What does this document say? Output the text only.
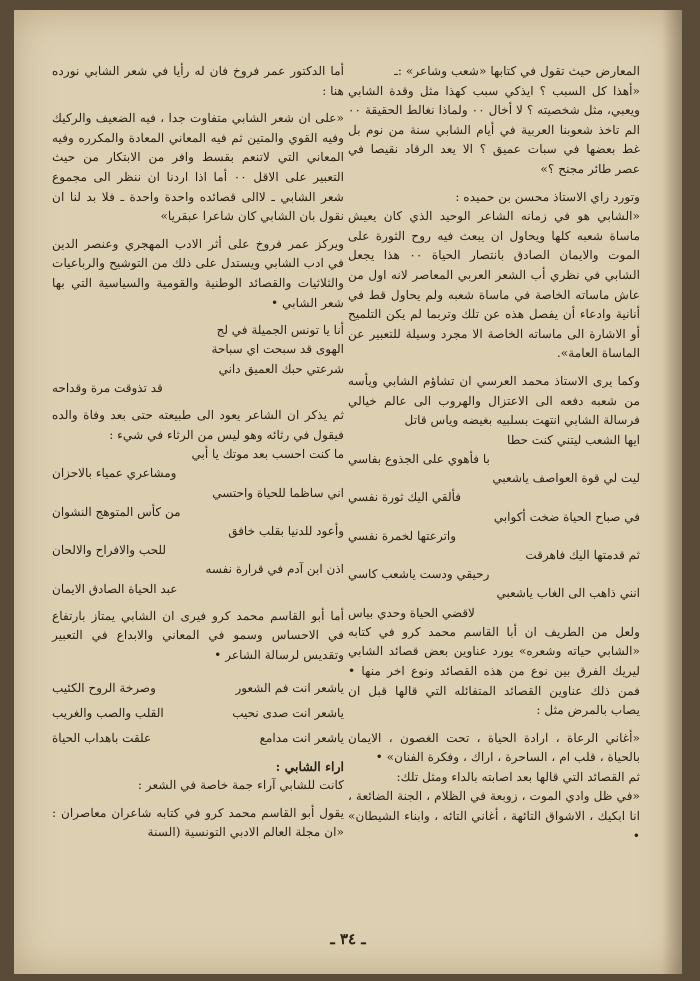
المعارض حيث تقول في كتابها «شعب وشاعر» :ـ

«أهذا كل السبب ؟ ايذكي سبب كهذا مثل وقدة الشابي ويعبي، مثل شخصيته ؟ لا أخال ٠٠ ولماذا نغالط الحقيقة ٠٠ الم تاخذ شعوبنا العربية في أيام الشابي سنة من نوم بل غط بعضها في سبات عميق ؟ الا يعد الرقاد نقيصا في عصر طائر مجنح ؟»

وتورد راي الاستاذ محسن بن حميده :

«الشابي هو في زمانه الشاعر الوحيد الذي كان يعيش ماساة شعبه كلها ويحاول ان يبعث فيه روح الثورة على الموت والايمان الصادق بانتصار الحياة ٠٠ هذا يجعل الشابي في نظري أب الشعر العربي المعاصر لانه اول من عاش ماساته الخاصة في ماساة شعبه ولم يحاول قط في أنانية وادعاء أن يفصل هذه عن تلك وتربما لم يكن التلميح أو الاشارة الى ماساته الخاصة الا مجرد وسيلة للتعبير عن الماساة العامة».

وكما يرى الاستاذ محمد العرسي ان تشاؤم الشابي ويأسه من شعبه دفعه الى الاعتزال والهروب الى عالم خيالي فرسالة الشابي انتهت بسلبيه بغيضه وياس قاتل

ايها الشعب ليتني كنت حطا

با فأهوي على الجذوع بفاسي

ليت لي قوة العواصف ياشعبي

فألقي اليك ثورة نفسي

في صباح الحياة ضخت أكوابي

واترعتها لخمرة نفسي

ثم قدمتها اليك فاهرقت

رحيقي ودست ياشعب كاسي

انني ذاهب الى الغاب ياشعبي

لاقضي الحياة وحدي بياس

ولعل من الطريف ان أبا القاسم محمد كرو في كتابه «الشابي حياته وشعره» يورد عناوين بعض قصائد الشابي ليريك الفرق بين نوع من هذه القصائد ونوع اخر منها • فمن ذلك عناوين القصائد المتفائله التي قالها قبل ان يصاب بالمرض مثل :

«أغاني الرعاة ، ارادة الحياة ، تحت الغصون ، الايمان بالحياة ، قلب ام ، الساحرة ، اراك ، وفكرة الفنان» •

ثم القصائد التي قالها بعد اصابته بالداء ومثل تلك:

«في ظل وادي الموت ، زوبعة في الظلام ، الجنة الضائعة ، انا ابكيك ، الاشواق التائهة ، أغاني التائه ، وابناء الشيطان» •

أما الدكتور عمر فروخ فان له رأيا في شعر الشابي نورده هنا :

«على ان شعر الشابي متفاوت جدا ، فيه الضعيف والركيك وفيه القوي والمتين ثم فيه المعاني المعادة والمكرره وفيه المعاني التي لاتنعم بقسط وافر من الابتكار من حيث التعبير على الاقل ٠٠ أما اذا اردنا ان ننظر الى مجموع شعر الشابي ـ لاالى قصائده واحدة واحدة ـ فلا بد لنا ان نقول بان الشابي كان شاعرا عبقريا»

ويركز عمر فروخ على أثر الادب المهجري وعنصر الدين في ادب الشابي ويستدل على ذلك من التوشيح والرباعيات والثلاثيات والقصائد الوطنية والقومية والسياسية التي بها شعر الشابي •

أنا يا تونس الجميلة في لج

الهوى قد سبحت اي سباحة

شرعتي حبك العميق داني

قد تذوقت مرة وقداحه

ثم يذكر ان الشاعر يعود الى طبيعته حتى بعد وفاة والده فيقول في رثائه وهو ليس من الرثاء في شيء :

ما كنت احسب بعد موتك يا أبي

ومشاعري عمياء بالاحزان

اني ساظما للحياة واحتسي

من كأس المتوهج النشوان

وأعود للدنيا بقلب خافق

للحب والافراح والالحان

اذن ابن آدم في قرارة نفسه

عبد الحياة الصادق الايمان

أما أبو القاسم محمد كرو فيرى ان الشابي يمتاز بارتفاع في الاحساس وسمو في المعاني والابداع في التعبير وتقديس لرسالة الشاعر •

ياشعر انت فم الشعور
وصرخة الروح الكئيب
ياشعر انت صدى نحيب
القلب والصب والغريب
ياشعر انت مدامع
علقت باهداب الحياة

اراء الشابي :

كانت للشابي آراء جمة خاصة في الشعر :

يقول أبو القاسم محمد كرو في كتابه شاعران معاصران : «ان مجلة العالم الادبي التونسية (السنة

ـ ٣٤ ـ
